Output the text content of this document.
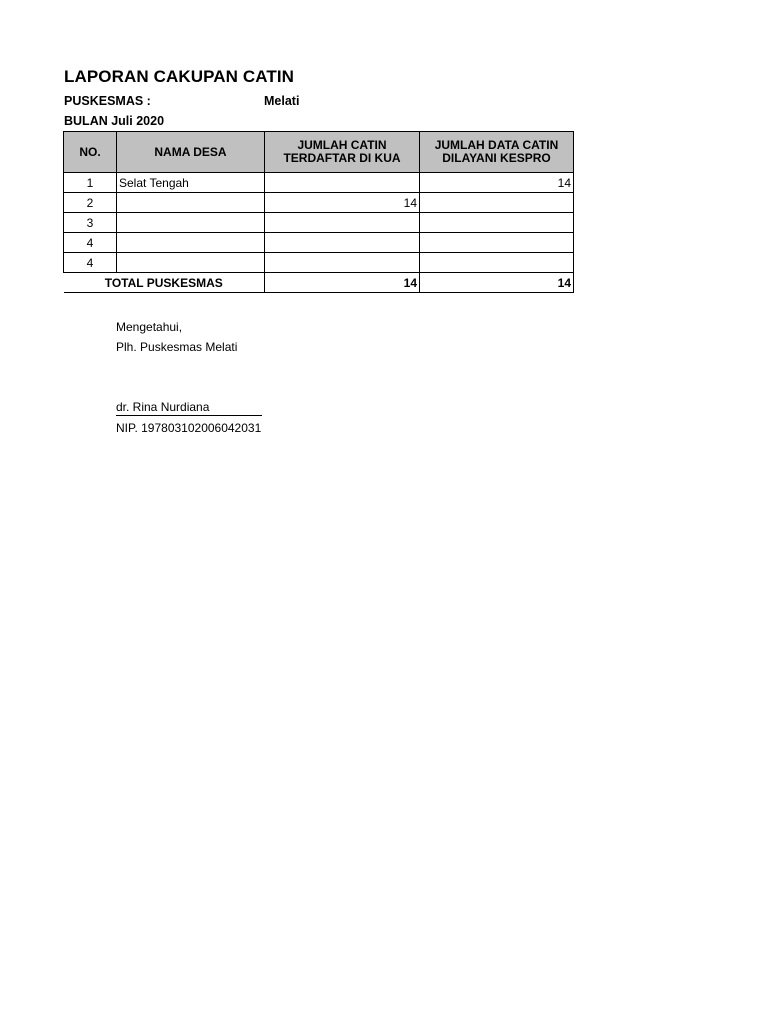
LAPORAN CAKUPAN CATIN
PUSKESMAS :	Melati
BULAN Juli 2020
NO.	NAMA DESA	JUMLAH CATIN TERDAFTAR DI KUA	JUMLAH DATA CATIN DILAYANI KESPRO
1	Selat Tengah		14
2		14	
3			
4			
4			
TOTAL PUSKESMAS		14	14
Mengetahui,
Plh. Puskesmas Melati
dr. Rina Nurdiana
NIP. 197803102006042031
